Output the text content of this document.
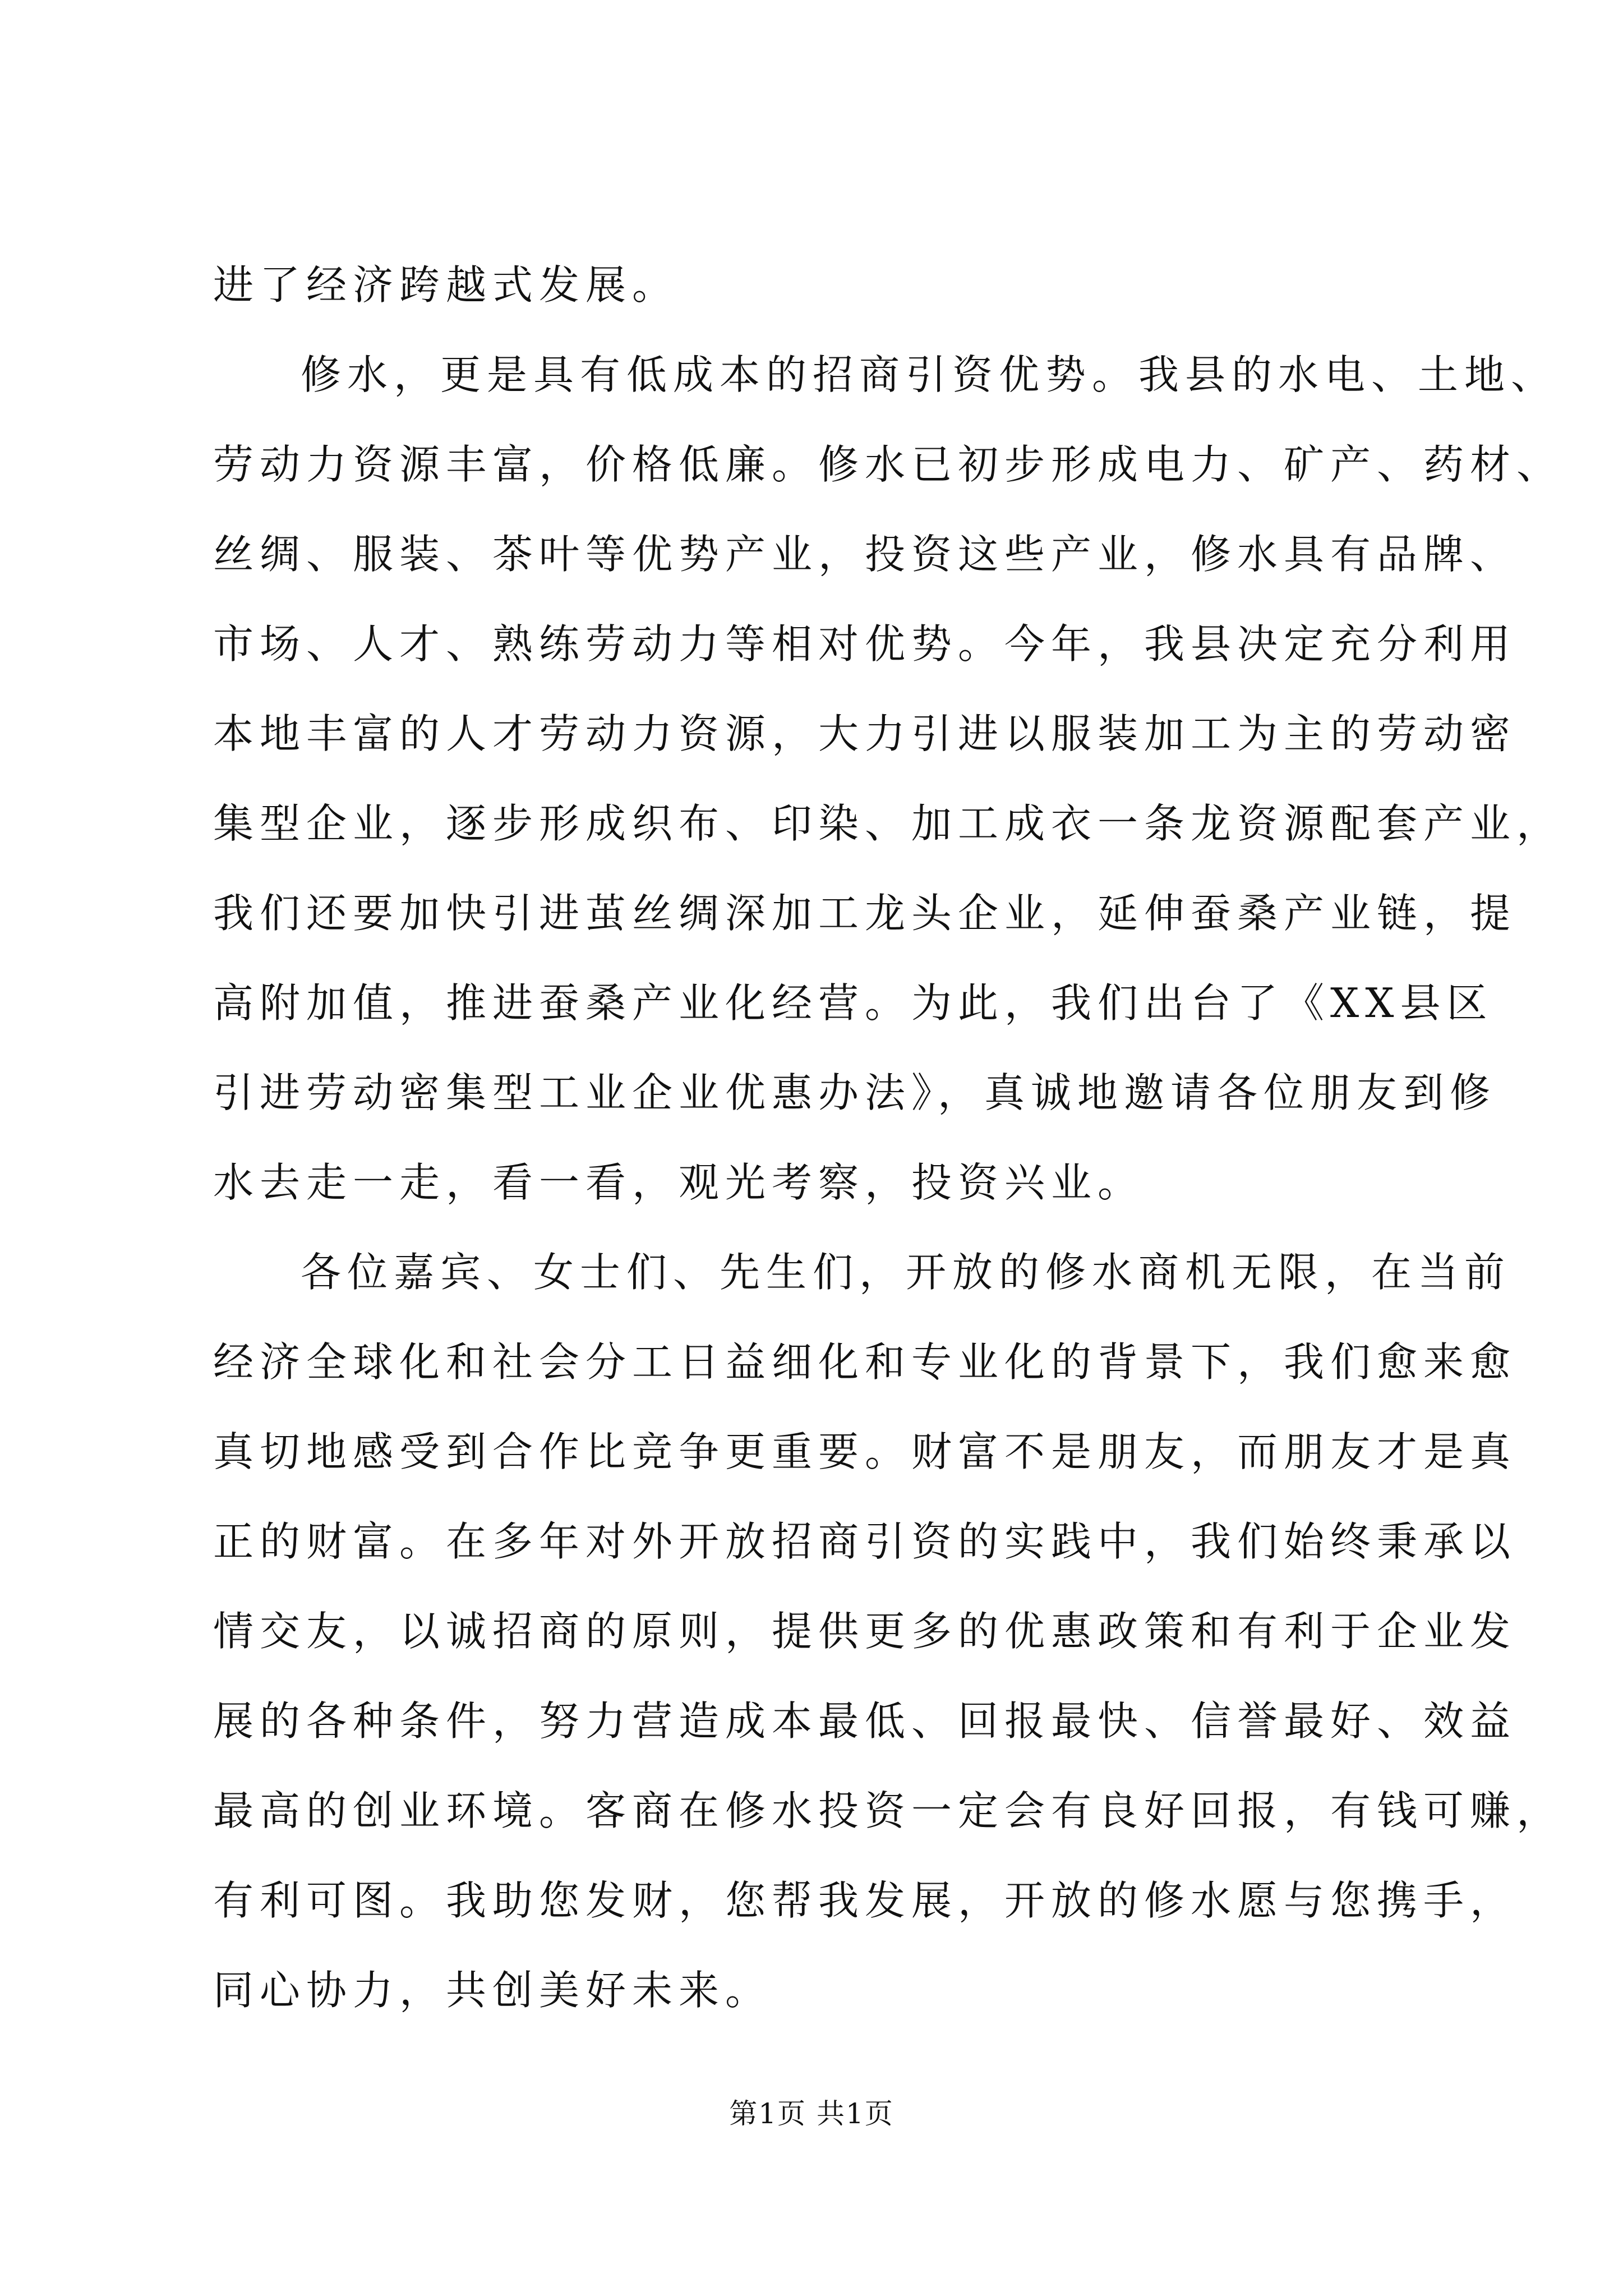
进了经济跨越式发展。
修水，更是具有低成本的招商引资优势。我县的水电、土地、
劳动力资源丰富，价格低廉。修水已初步形成电力、矿产、药材、
丝绸、服装、茶叶等优势产业，投资这些产业，修水具有品牌、
市场、人才、熟练劳动力等相对优势。今年，我县决定充分利用
本地丰富的人才劳动力资源，大力引进以服装加工为主的劳动密
集型企业，逐步形成织布、印染、加工成衣一条龙资源配套产业，
我们还要加快引进茧丝绸深加工龙头企业，延伸蚕桑产业链，提
高附加值，推进蚕桑产业化经营。为此，我们出台了《XX县区
引进劳动密集型工业企业优惠办法》，真诚地邀请各位朋友到修
水去走一走，看一看，观光考察，投资兴业。
各位嘉宾、女士们、先生们，开放的修水商机无限，在当前
经济全球化和社会分工日益细化和专业化的背景下，我们愈来愈
真切地感受到合作比竞争更重要。财富不是朋友，而朋友才是真
正的财富。在多年对外开放招商引资的实践中，我们始终秉承以
情交友，以诚招商的原则，提供更多的优惠政策和有利于企业发
展的各种条件，努力营造成本最低、回报最快、信誉最好、效益
最高的创业环境。客商在修水投资一定会有良好回报，有钱可赚，
有利可图。我助您发财，您帮我发展，开放的修水愿与您携手，
同心协力，共创美好未来。
第1页 共1页
